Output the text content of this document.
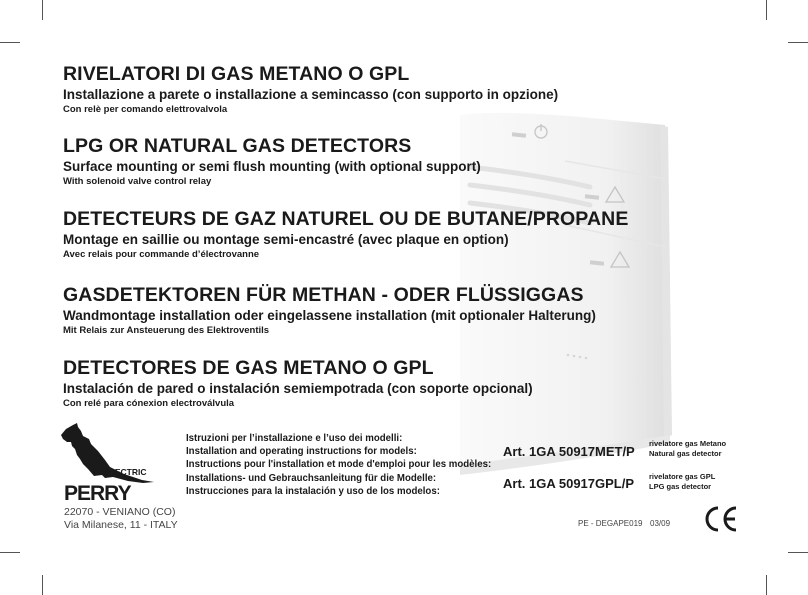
RIVELATORI DI GAS METANO O GPL
Installazione a parete o installazione a semincasso (con supporto in opzione)
Con relè per comando elettrovalvola
LPG OR NATURAL GAS DETECTORS
Surface mounting or semi flush mounting (with optional support)
With solenoid valve control relay
DETECTEURS DE GAZ NATUREL OU DE BUTANE/PROPANE
Montage en saillie ou montage semi-encastré (avec plaque en option)
Avec relais pour commande d’électrovanne
GASDETEKTOREN FÜR METHAN - ODER FLÜSSIGGAS
Wandmontage installation oder eingelassene installation (mit optionaler Halterung)
Mit Relais zur Ansteuerung des Elektroventils
DETECTORES DE GAS METANO O GPL
Instalación de pared o instalación semiempotrada (con soporte opcional)
Con relé para cónexion electroválvula
ELECTRIC
PERRY
22070 - VENIANO (CO)
Via Milanese, 11 - ITALY
Istruzioni per l’installazione e l’uso dei modelli:
Installation and operating instructions for models:
Instructions pour l'installation et mode d'emploi pour les modèles:
Installations- und Gebrauchsanleitung für die Modelle:
Instrucciones para la instalación y uso de los modelos:
Art. 1GA 50917MET/P
rivelatore gas Metano
Natural gas detector
Art. 1GA 50917GPL/P rivelatore gas GPL
LPG gas detector
PE - DEGAPE019 03/09
CE
